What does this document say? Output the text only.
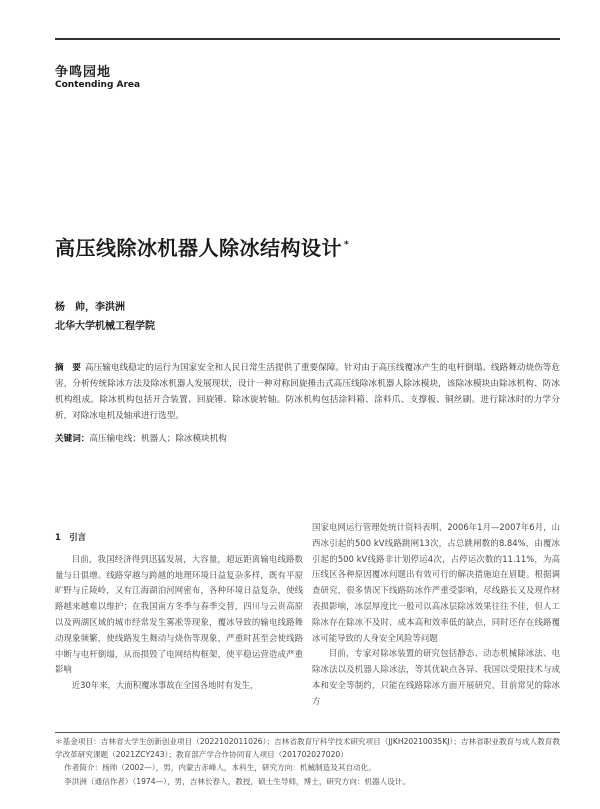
争鸣园地
Contending Area
高压线除冰机器人除冰结构设计 *
杨　帅，李洪洲
北华大学机械工程学院
摘　要 高压输电线稳定的运行为国家安全和人民日常生活提供了重要保障。针对由于高压线覆冰产生的电杆倒塌、线路舞动烧伤等危害，分析传统除冰方法及除冰机器人发展现状，设计一种对称回旋捶击式高压线除冰机器人除冰模块，该除冰模块由除冰机构、防冰机构组成。除冰机构包括开合装置、回旋锤、除冰旋转轴。防冰机构包括涂料箱、涂料爪、支撑板、铜丝刷。进行除冰时的力学分析，对除冰电机及轴承进行选型。
关键词：高压输电线；机器人；除冰模块机构
1　引言

目前，我国经济得到迅猛发展，大容量，超远距离输电线路数量与日俱增。线路穿越与跨越的地理环境日益复杂多样，既有平原旷野与丘陵岭，又有江海湖泊河网密布，各种环境日益复杂，使线路越来越难以维护；在我国南方冬季与春季交替，四川与云贵高原以及两湖区域的城市经常发生雾凇等现象，覆冰导致的输电线路舞动现象频繁，使线路发生舞动与烧伤等现象，严重时甚至会使线路中断与电杆倒塌，从而损毁了电网结构框架，使平稳运营造成严重影响

近30年来，大面积覆冰事故在全国各地时有发生，

国家电网运行管理处统计资料表明，2006年1月—2007年6月，山西冰引起的500 kV线路跳闸13次，占总跳闸数的8.84%，由覆冰引起的500 kV线路非计划停运4次，占停运次数的11.11%，为高压线区各种原因覆冰问题出有效可行的解决措施迫在眉睫。根据调查研究，很多情况下线路防冰作严重受影响，尽线路长又及现作材表损影响，冰层厚度比一般可以高冰层除冰效果往往不佳，但人工除冰存在除冰不及时、成本高和效率低的缺点，同时还存在线路覆冰可能导致的人身安全风险等问题

目前，专家对除冰装置的研究包括静态、动态机械除冰法、电除冰法以及机器人除冰法，等其优缺点各异、我国以受限技术与成本和安全等制约，只能在线路除冰方面开展研究，目前常见的除冰方

＊基金项目：吉林省大学生创新创业项目（2022102011026）；吉林省教育厅科学技术研究项目（JJKH20210035KJ）；吉林省职业教育与成人教育教学改革研究课题（2021ZCY243）；教育部产学合作协同育人项目（201702027020）

作者简介：杨帅（2002—），男，内蒙古赤峰人，本科生，研究方向：机械制造及其自动化。

李洪洲（通信作者）（1974—），男，吉林长春人，教授，硕士生导师，博士，研究方向：机器人设计。
